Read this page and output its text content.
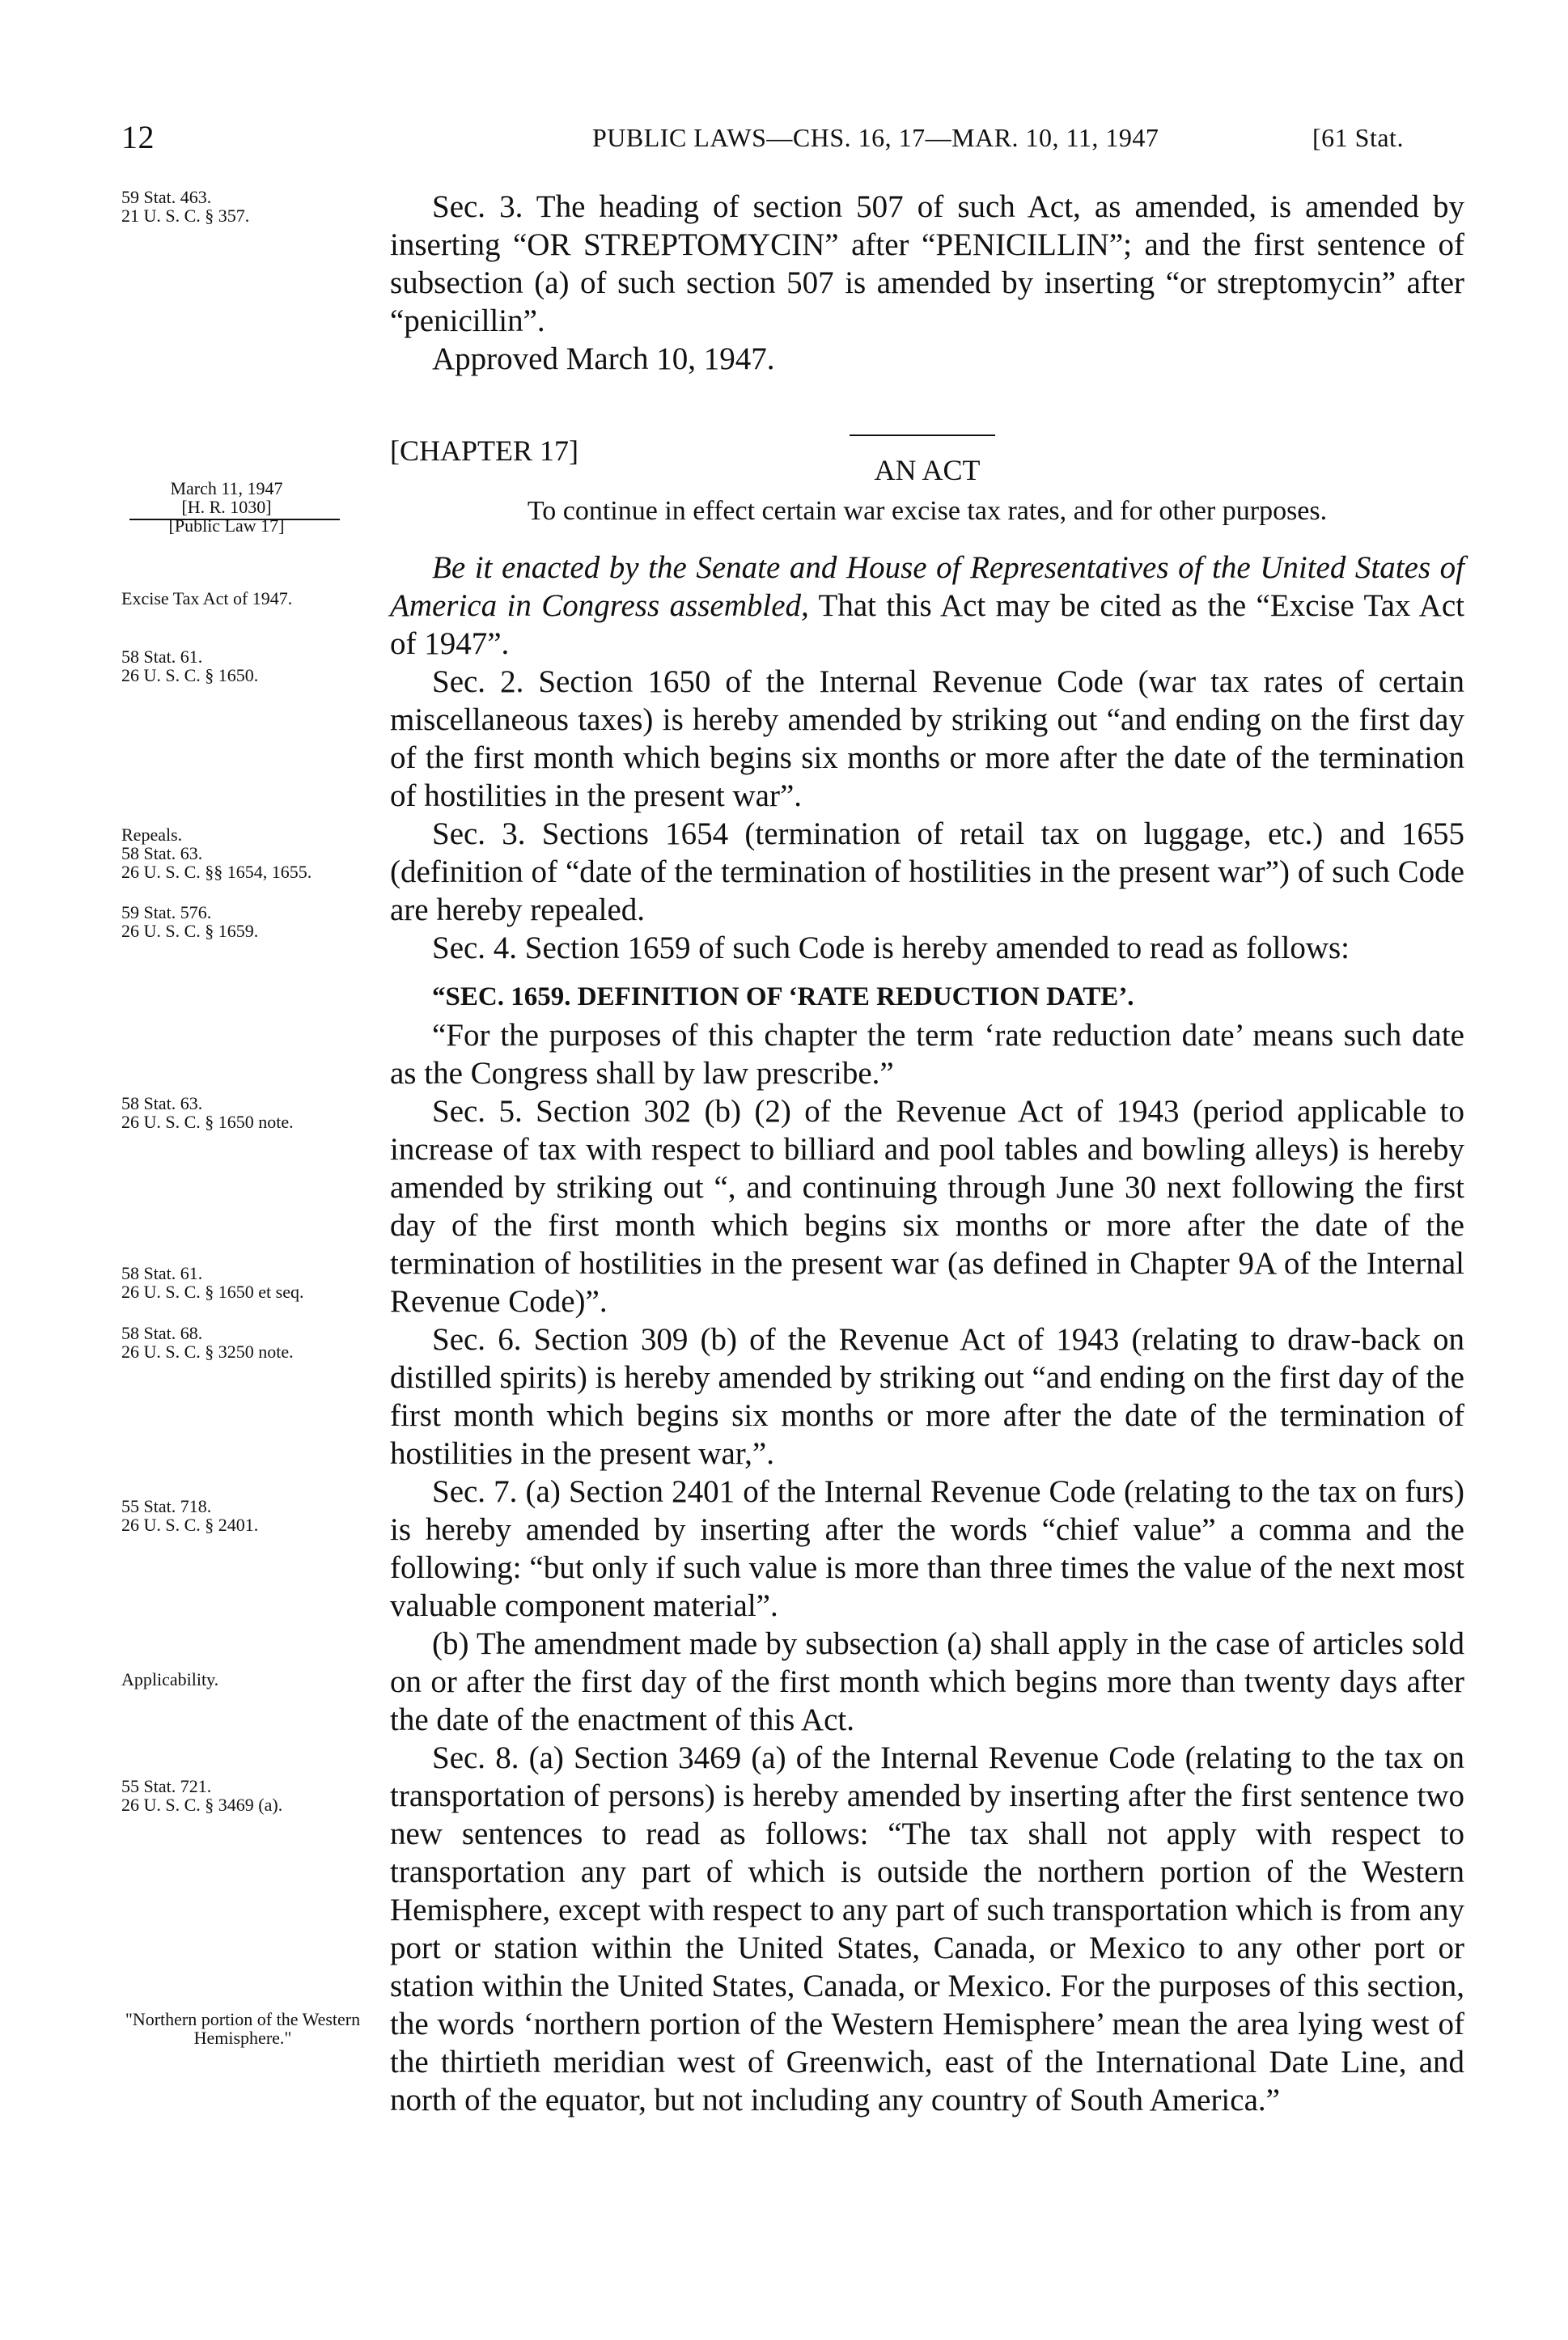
12	PUBLIC LAWS—CHS. 16, 17—MAR. 10, 11, 1947	[61 Stat.

59 Stat. 463.

21 U. S. C. § 357.

March 11, 1947

[H. R. 1030]

[Public Law 17]

Excise Tax Act of 1947.

58 Stat. 61.

26 U. S. C. § 1650.

Repeals.

58 Stat. 63.

26 U. S. C. §§ 1654, 1655.

59 Stat. 576.

26 U. S. C. § 1659.

58 Stat. 63.

26 U. S. C. § 1650 note.

58 Stat. 61.

26 U. S. C. § 1650 et seq.

58 Stat. 68.

26 U. S. C. § 3250 note.

55 Stat. 718.

26 U. S. C. § 2401.

Applicability.

55 Stat. 721.

26 U. S. C. § 3469 (a).

"Northern portion of the Western Hemisphere."

Sec. 3. The heading of section 507 of such Act, as amended, is amended by inserting “OR STREPTOMYCIN” after “PENICILLIN”; and the first sentence of subsection (a) of such section 507 is amended by inserting “or streptomycin” after “penicillin”.

Approved March 10, 1947.

[CHAPTER 17]

AN ACT

To continue in effect certain war excise tax rates, and for other purposes.

Be it enacted by the Senate and House of Representatives of the United States of America in Congress assembled, That this Act may be cited as the “Excise Tax Act of 1947”.

Sec. 2. Section 1650 of the Internal Revenue Code (war tax rates of certain miscellaneous taxes) is hereby amended by striking out “and ending on the first day of the first month which begins six months or more after the date of the termination of hostilities in the present war”.

Sec. 3. Sections 1654 (termination of retail tax on luggage, etc.) and 1655 (definition of “date of the termination of hostilities in the present war”) of such Code are hereby repealed.

Sec. 4. Section 1659 of such Code is hereby amended to read as follows:

“SEC. 1659. DEFINITION OF ‘RATE REDUCTION DATE’.

“For the purposes of this chapter the term ‘rate reduction date’ means such date as the Congress shall by law prescribe.”

Sec. 5. Section 302 (b) (2) of the Revenue Act of 1943 (period applicable to increase of tax with respect to billiard and pool tables and bowling alleys) is hereby amended by striking out “, and continuing through June 30 next following the first day of the first month which begins six months or more after the date of the termination of hostilities in the present war (as defined in Chapter 9A of the Internal Revenue Code)”.

Sec. 6. Section 309 (b) of the Revenue Act of 1943 (relating to draw-back on distilled spirits) is hereby amended by striking out “and ending on the first day of the first month which begins six months or more after the date of the termination of hostilities in the present war,”.

Sec. 7. (a) Section 2401 of the Internal Revenue Code (relating to the tax on furs) is hereby amended by inserting after the words “chief value” a comma and the following: “but only if such value is more than three times the value of the next most valuable component material”.

(b) The amendment made by subsection (a) shall apply in the case of articles sold on or after the first day of the first month which begins more than twenty days after the date of the enactment of this Act.

Sec. 8. (a) Section 3469 (a) of the Internal Revenue Code (relating to the tax on transportation of persons) is hereby amended by inserting after the first sentence two new sentences to read as follows: “The tax shall not apply with respect to transportation any part of which is outside the northern portion of the Western Hemisphere, except with respect to any part of such transportation which is from any port or station within the United States, Canada, or Mexico to any other port or station within the United States, Canada, or Mexico. For the purposes of this section, the words ‘northern portion of the Western Hemisphere’ mean the area lying west of the thirtieth meridian west of Greenwich, east of the International Date Line, and north of the equator, but not including any country of South America.”
